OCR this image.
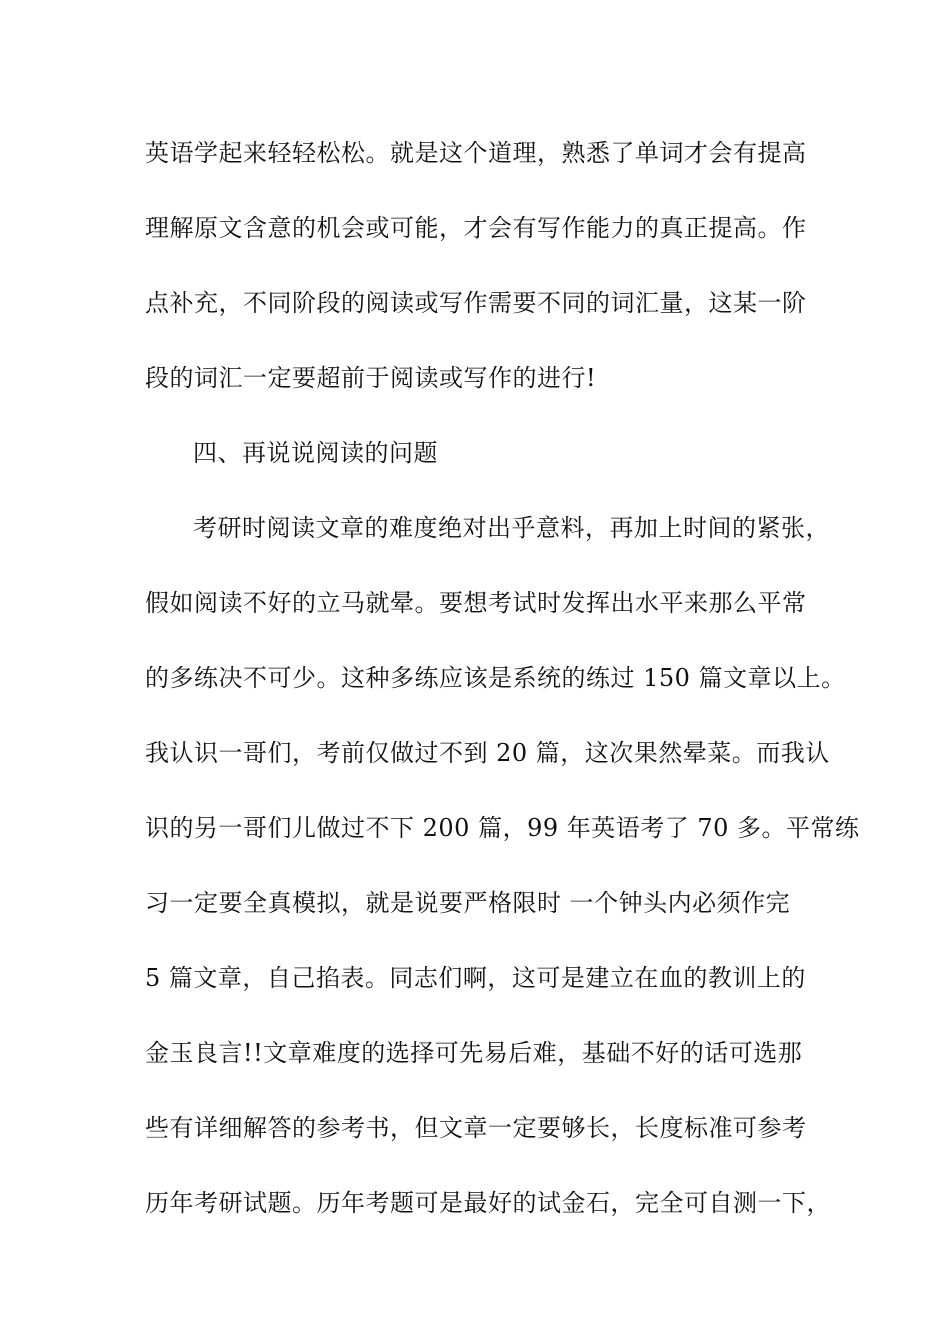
英语学起来轻轻松松。就是这个道理，熟悉了单词才会有提高
理解原文含意的机会或可能，才会有写作能力的真正提高。作
点补充，不同阶段的阅读或写作需要不同的词汇量，这某一阶
段的词汇一定要超前于阅读或写作的进行!
四、再说说阅读的问题
考研时阅读文章的难度绝对出乎意料，再加上时间的紧张，
假如阅读不好的立马就晕。要想考试时发挥出水平来那么平常
的多练决不可少。这种多练应该是系统的练过 150 篇文章以上。
我认识一哥们，考前仅做过不到 20 篇，这次果然晕菜。而我认
识的另一哥们儿做过不下 200 篇，99 年英语考了 70 多。平常练
习一定要全真模拟，就是说要严格限时 一个钟头内必须作完
5 篇文章，自己掐表。同志们啊，这可是建立在血的教训上的
金玉良言!!文章难度的选择可先易后难，基础不好的话可选那
些有详细解答的参考书，但文章一定要够长，长度标准可参考
历年考研试题。历年考题可是最好的试金石，完全可自测一下，
